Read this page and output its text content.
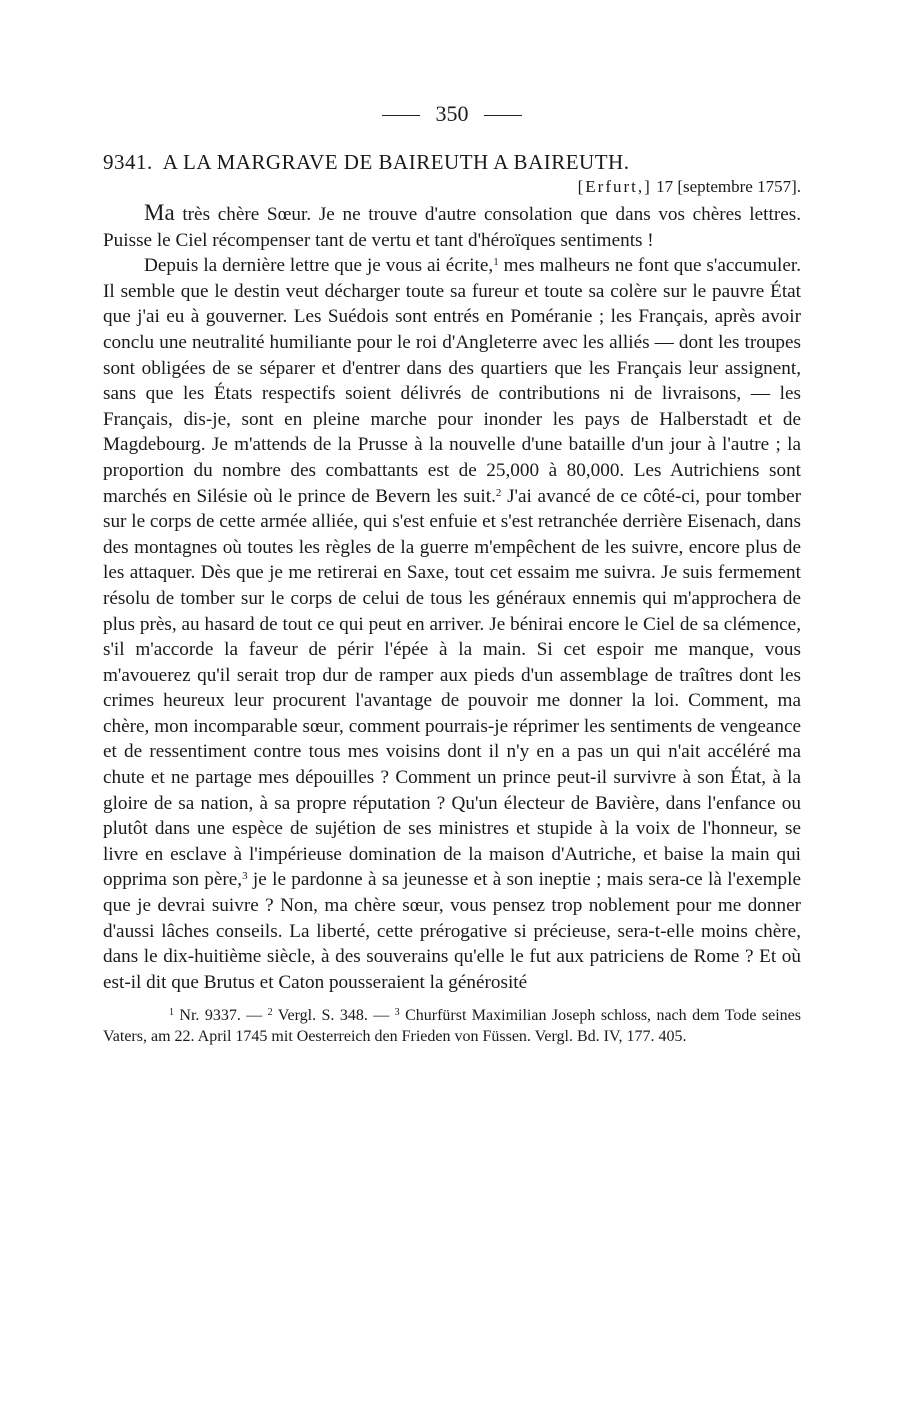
350
9341. A LA MARGRAVE DE BAIREUTH A BAIREUTH.
[Erfurt,] 17 [septembre 1757].

Ma très chère Sœur. Je ne trouve d'autre consolation que dans vos chères lettres. Puisse le Ciel récompenser tant de vertu et tant d'héroïques sentiments !

Depuis la dernière lettre que je vous ai écrite,$^1$ mes malheurs ne font que s'accumuler. Il semble que le destin veut décharger toute sa fureur et toute sa colère sur le pauvre État que j'ai eu à gouverner. Les Suédois sont entrés en Poméranie ; les Français, après avoir conclu une neutralité humiliante pour le roi d'Angleterre avec les alliés — dont les troupes sont obligées de se séparer et d'entrer dans des quartiers que les Français leur assignent, sans que les États respectifs soient délivrés de contributions ni de livraisons, — les Français, dis-je, sont en pleine marche pour inonder les pays de Halberstadt et de Magdebourg. Je m'attends de la Prusse à la nouvelle d'une bataille d'un jour à l'autre ; la proportion du nombre des combattants est de 25,000 à 80,000. Les Autrichiens sont marchés en Silésie où le prince de Bevern les suit.$^2$ J'ai avancé de ce côté-ci, pour tomber sur le corps de cette armée alliée, qui s'est enfuie et s'est retranchée derrière Eisenach, dans des montagnes où toutes les règles de la guerre m'empêchent de les suivre, encore plus de les attaquer. Dès que je me retirerai en Saxe, tout cet essaim me suivra. Je suis fermement résolu de tomber sur le corps de celui de tous les généraux ennemis qui m'approchera de plus près, au hasard de tout ce qui peut en arriver. Je bénirai encore le Ciel de sa clémence, s'il m'accorde la faveur de périr l'épée à la main. Si cet espoir me manque, vous m'avouerez qu'il serait trop dur de ramper aux pieds d'un assemblage de traîtres dont les crimes heureux leur procurent l'avantage de pouvoir me donner la loi. Comment, ma chère, mon incomparable sœur, comment pourrais-je réprimer les sentiments de vengeance et de ressentiment contre tous mes voisins dont il n'y en a pas un qui n'ait accéléré ma chute et ne partage mes dépouilles ? Comment un prince peut-il survivre à son État, à la gloire de sa nation, à sa propre réputation ? Qu'un électeur de Bavière, dans l'enfance ou plutôt dans une espèce de sujétion de ses ministres et stupide à la voix de l'honneur, se livre en esclave à l'impérieuse domination de la maison d'Autriche, et baise la main qui opprima son père,$^3$ je le pardonne à sa jeunesse et à son ineptie ; mais sera-ce là l'exemple que je devrai suivre ? Non, ma chère sœur, vous pensez trop noblement pour me donner d'aussi lâches conseils. La liberté, cette prérogative si précieuse, sera-t-elle moins chère, dans le dix-huitième siècle, à des souverains qu'elle le fut aux patriciens de Rome ? Et où est-il dit que Brutus et Caton pousseraient la générosité

$^1$ Nr. 9337. — $^2$ Vergl. S. 348. — $^3$ Churfürst Maximilian Joseph schloss, nach dem Tode seines Vaters, am 22. April 1745 mit Oesterreich den Frieden von Füssen. Vergl. Bd. IV, 177. 405.
